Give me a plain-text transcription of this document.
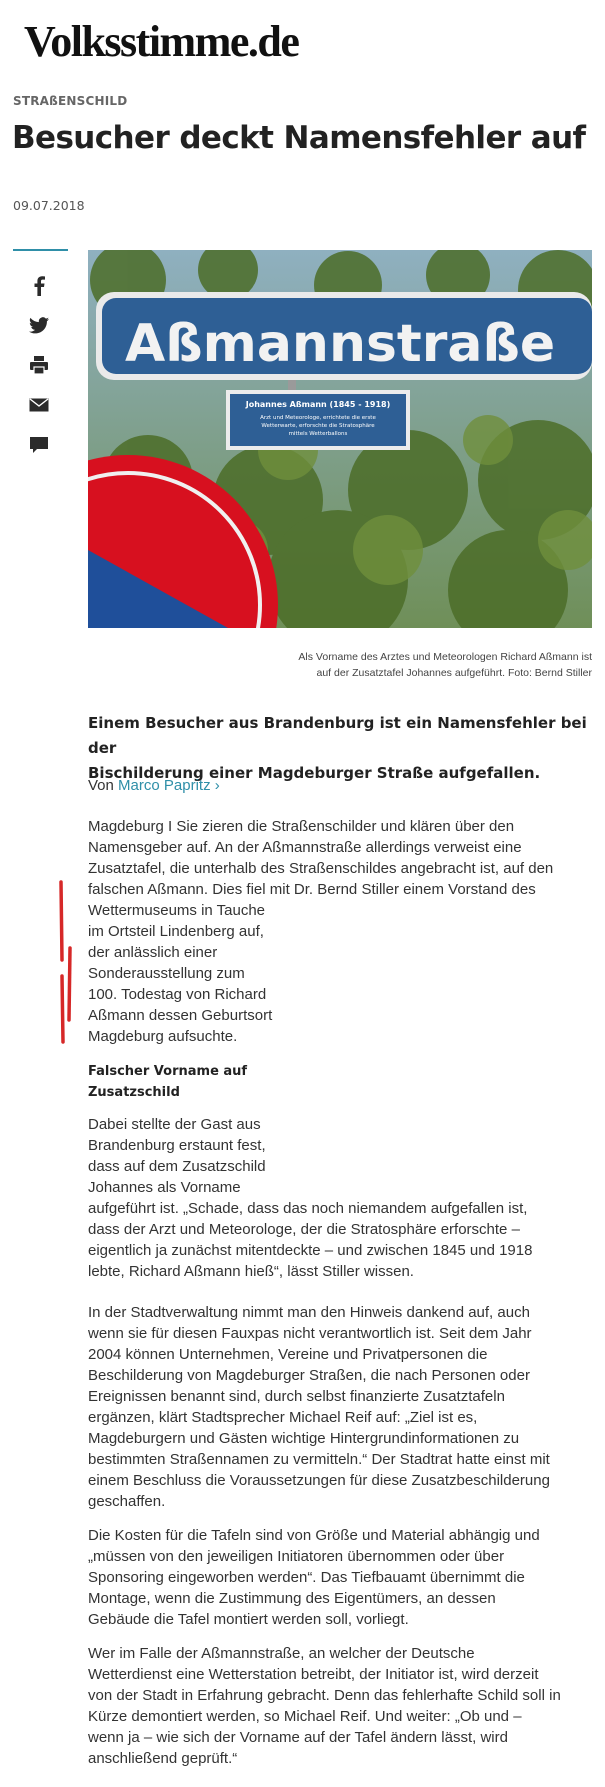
Volksstimme.de
STRAßENSCHILD
Besucher deckt Namensfehler auf
09.07.2018
Aßmannstraße
Johannes Aßmann (1845 - 1918)
Arzt und Meteorologe, errichtete die erste
Wetterwarte, erforschte die Stratosphäre
mittels Wetterballons
Als Vorname des Arztes und Meteorologen Richard Aßmann ist
auf der Zusatztafel Johannes aufgeführt. Foto: Bernd Stiller
Einem Besucher aus Brandenburg ist ein Namensfehler bei der
Bischilderung einer Magdeburger Straße aufgefallen.
Von Marco Papritz ›
Magdeburg I Sie zieren die Straßenschilder und klären über den
Namensgeber auf. An der Aßmannstraße allerdings verweist eine
Zusatztafel, die unterhalb des Straßenschildes angebracht ist, auf den
falschen Aßmann. Dies fiel mit Dr. Bernd Stiller einem Vorstand des
Wettermuseums in Tauche
im Ortsteil Lindenberg auf,
der anlässlich einer
Sonderausstellung zum
100. Todestag von Richard
Aßmann dessen Geburtsort
Magdeburg aufsuchte.
Falscher Vorname auf
Zusatzschild
Dabei stellte der Gast aus
Brandenburg erstaunt fest,
dass auf dem Zusatzschild
Johannes als Vorname
aufgeführt ist. „Schade, dass das noch niemandem aufgefallen ist,
dass der Arzt und Meteorologe, der die Stratosphäre erforschte –
eigentlich ja zunächst mitentdeckte – und zwischen 1845 und 1918
lebte, Richard Aßmann hieß“, lässt Stiller wissen.
In der Stadtverwaltung nimmt man den Hinweis dankend auf, auch
wenn sie für diesen Fauxpas nicht verantwortlich ist. Seit dem Jahr
2004 können Unternehmen, Vereine und Privatpersonen die
Beschilderung von Magdeburger Straßen, die nach Personen oder
Ereignissen benannt sind, durch selbst finanzierte Zusatztafeln
ergänzen, klärt Stadtsprecher Michael Reif auf: „Ziel ist es,
Magdeburgern und Gästen wichtige Hintergrundinformationen zu
bestimmten Straßennamen zu vermitteln.“ Der Stadtrat hatte einst mit
einem Beschluss die Voraussetzungen für diese Zusatzbeschilderung
geschaffen.
Die Kosten für die Tafeln sind von Größe und Material abhängig und
„müssen von den jeweiligen Initiatoren übernommen oder über
Sponsoring eingeworben werden“. Das Tiefbauamt übernimmt die
Montage, wenn die Zustimmung des Eigentümers, an dessen
Gebäude die Tafel montiert werden soll, vorliegt.
Wer im Falle der Aßmannstraße, an welcher der Deutsche
Wetterdienst eine Wetterstation betreibt, der Initiator ist, wird derzeit
von der Stadt in Erfahrung gebracht. Denn das fehlerhafte Schild soll in
Kürze demontiert werden, so Michael Reif. Und weiter: „Ob und –
wenn ja – wie sich der Vorname auf der Tafel ändern lässt, wird
anschließend geprüft.“
